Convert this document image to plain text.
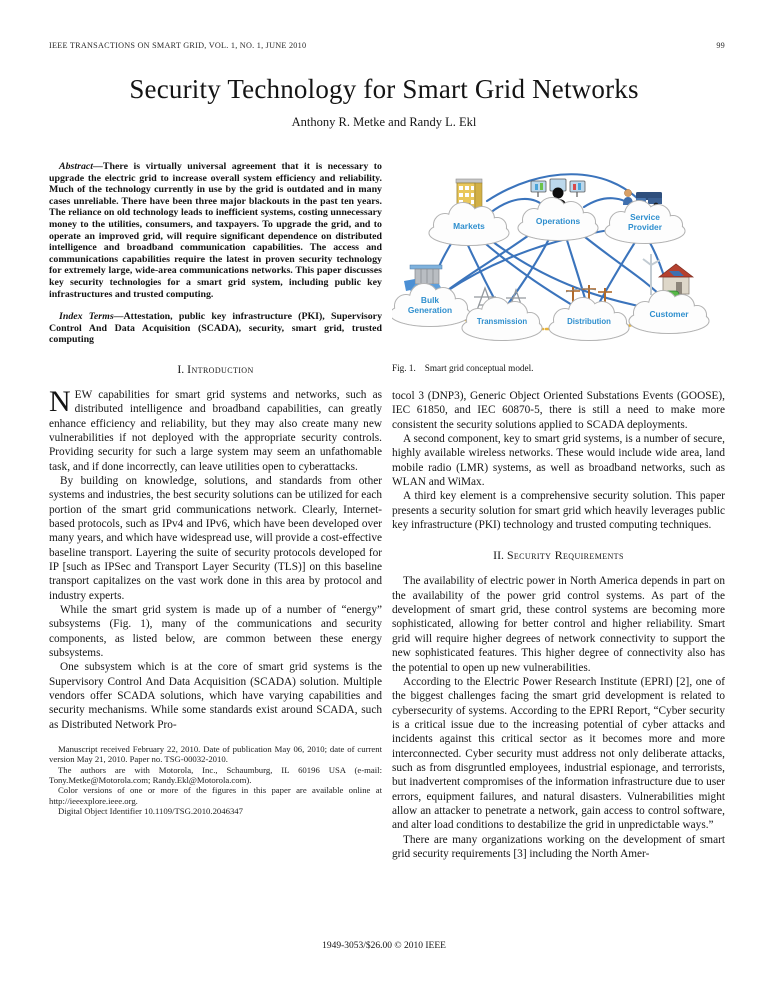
IEEE TRANSACTIONS ON SMART GRID, VOL. 1, NO. 1, JUNE 2010	99
Security Technology for Smart Grid Networks
Anthony R. Metke and Randy L. Ekl

Abstract—There is virtually universal agreement that it is necessary to upgrade the electric grid to increase overall system efficiency and reliability. Much of the technology currently in use by the grid is outdated and in many cases unreliable. There have been three major blackouts in the past ten years. The reliance on old technology leads to inefficient systems, costing unnecessary money to the utilities, consumers, and taxpayers. To upgrade the grid, and to operate an improved grid, will require significant dependence on distributed intelligence and broadband communication capabilities. The access and communications capabilities require the latest in proven security technology for extremely large, wide-area communications networks. This paper discusses key security technologies for a smart grid system, including public key infrastructures and trusted computing.

Index Terms—Attestation, public key infrastructure (PKI), Supervisory Control And Data Acquisition (SCADA), security, smart grid, trusted computing

I. Introduction

NEW capabilities for smart grid systems and networks, such as distributed intelligence and broadband capabilities, can greatly enhance efficiency and reliability, but they may also create many new vulnerabilities if not deployed with the appropriate security controls. Providing security for such a large system may seem an unfathomable task, and if done incorrectly, can leave utilities open to cyberattacks.

By building on knowledge, solutions, and standards from other systems and industries, the best security solutions can be utilized for each portion of the smart grid communications network. Clearly, Internet-based protocols, such as IPv4 and IPv6, which have been developed over many years, and which have widespread use, will provide a cost-effective baseline transport. Layering the suite of security protocols developed for IP [such as IPSec and Transport Layer Security (TLS)] on this baseline transport capitalizes on the vast work done in this area by protocol and industry experts.

While the smart grid system is made up of a number of “energy” subsystems (Fig. 1), many of the communications and security components, as listed below, are common between these energy subsystems.

One subsystem which is at the core of smart grid systems is the Supervisory Control And Data Acquisition (SCADA) solution. Multiple vendors offer SCADA solutions, which have varying capabilities and security mechanisms. While some standards exist around SCADA, such as Distributed Network Pro-

Manuscript received February 22, 2010. Date of publication May 06, 2010; date of current version May 21, 2010. Paper no. TSG-00032-2010.

The authors are with Motorola, Inc., Schaumburg, IL 60196 USA (e-mail: Tony.Metke@Motorola.com; Randy.Ekl@Motorola.com).

Color versions of one or more of the figures in this paper are available online at http://ieeexplore.ieee.org.

Digital Object Identifier 10.1109/TSG.2010.2046347

Markets	Operations	Service
Provider
Bulk
Generation
Transmission	Distribution
Customer
Fig. 1. Smart grid conceptual model.

tocol 3 (DNP3), Generic Object Oriented Substations Events (GOOSE), IEC 61850, and IEC 60870-5, there is still a need to make more consistent the security solutions applied to SCADA deployments.

A second component, key to smart grid systems, is a number of secure, highly available wireless networks. These would include wide area, land mobile radio (LMR) systems, as well as broadband networks, such as WLAN and WiMax.

A third key element is a comprehensive security solution. This paper presents a security solution for smart grid which heavily leverages public key infrastructure (PKI) technology and trusted computing techniques.

II. Security Requirements

The availability of electric power in North America depends in part on the availability of the power grid control systems. As part of the development of smart grid, these control systems are becoming more sophisticated, allowing for better control and higher reliability. Smart grid will require higher degrees of network connectivity to support the new sophisticated features. This higher degree of connectivity also has the potential to open up new vulnerabilities.

According to the Electric Power Research Institute (EPRI) [2], one of the biggest challenges facing the smart grid development is related to cybersecurity of systems. According to the EPRI Report, “Cyber security is a critical issue due to the increasing potential of cyber attacks and incidents against this critical sector as it becomes more and more interconnected. Cyber security must address not only deliberate attacks, such as from disgruntled employees, industrial espionage, and terrorists, but inadvertent compromises of the information infrastructure due to user errors, equipment failures, and natural disasters. Vulnerabilities might allow an attacker to penetrate a network, gain access to control software, and alter load conditions to destabilize the grid in unpredictable ways.”

There are many organizations working on the development of smart grid security requirements [3] including the North Amer-

1949-3053/$26.00 © 2010 IEEE
